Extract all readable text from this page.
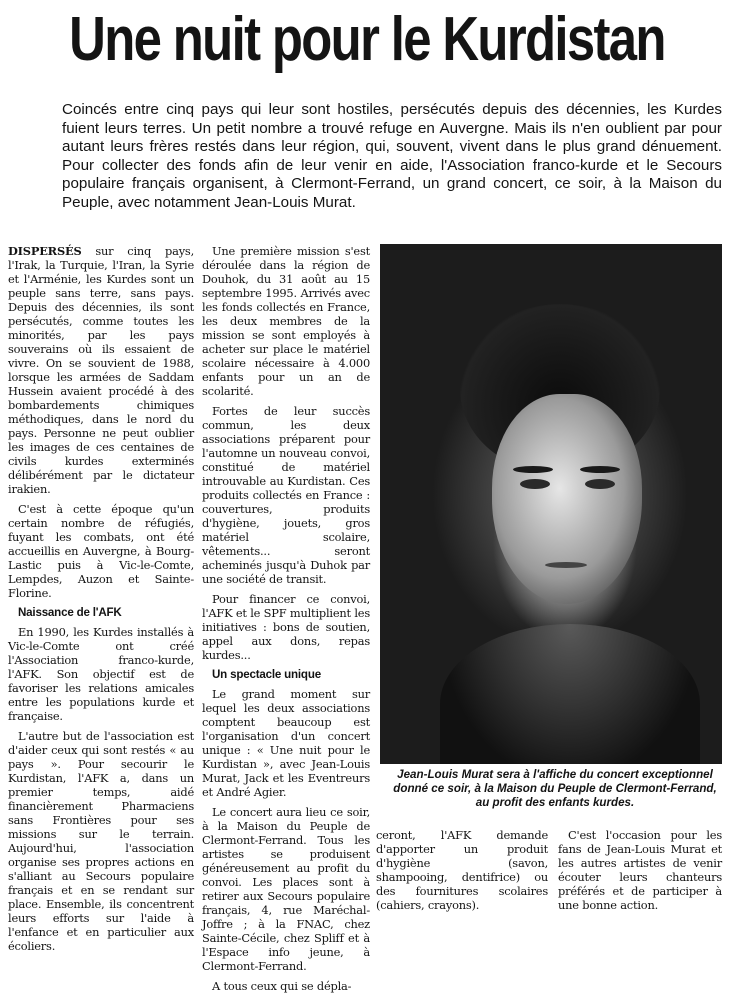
Une nuit pour le Kurdistan

Coincés entre cinq pays qui leur sont hostiles, persécutés depuis des décennies, les Kurdes fuient leurs terres. Un petit nombre a trouvé refuge en Auvergne. Mais ils n'en oublient par pour autant leurs frères restés dans leur région, qui, souvent, vivent dans le plus grand dénuement. Pour collecter des fonds afin de leur venir en aide, l'Association franco-kurde et le Secours populaire français organisent, à Clermont-Ferrand, un grand concert, ce soir, à la Maison du Peuple, avec notamment Jean-Louis Murat.

DISPERSÉS sur cinq pays, l'Irak, la Turquie, l'Iran, la Syrie et l'Arménie, les Kurdes sont un peuple sans terre, sans pays. Depuis des décennies, ils sont persécutés, comme toutes les minorités, par les pays souverains où ils essaient de vivre. On se souvient de 1988, lorsque les armées de Saddam Hussein avaient procédé à des bombardements chimiques méthodiques, dans le nord du pays. Personne ne peut oublier les images de ces centaines de civils kurdes exterminés délibérément par le dictateur irakien.

C'est à cette époque qu'un certain nombre de réfugiés, fuyant les combats, ont été accueillis en Auvergne, à Bourg-Lastic puis à Vic-le-Comte, Lempdes, Auzon et Sainte-Florine.

Naissance de l'AFK

En 1990, les Kurdes installés à Vic-le-Comte ont créé l'Association franco-kurde, l'AFK. Son objectif est de favoriser les relations amicales entre les populations kurde et française.

L'autre but de l'association est d'aider ceux qui sont restés « au pays ». Pour secourir le Kurdistan, l'AFK a, dans un premier temps, aidé financièrement Pharmaciens sans Frontières pour ses missions sur le terrain. Aujourd'hui, l'association organise ses propres actions en s'alliant au Secours populaire français et en se rendant sur place. Ensemble, ils concentrent leurs efforts sur l'aide à l'enfance et en particulier aux écoliers.

Une première mission s'est déroulée dans la région de Douhok, du 31 août au 15 septembre 1995. Arrivés avec les fonds collectés en France, les deux membres de la mission se sont employés à acheter sur place le matériel scolaire nécessaire à 4.000 enfants pour un an de scolarité.

Fortes de leur succès commun, les deux associations préparent pour l'automne un nouveau convoi, constitué de matériel introuvable au Kurdistan. Ces produits collectés en France : couvertures, produits d'hygiène, jouets, gros matériel scolaire, vêtements... seront acheminés jusqu'à Duhok par une société de transit.

Pour financer ce convoi, l'AFK et le SPF multiplient les initiatives : bons de soutien, appel aux dons, repas kurdes...

Un spectacle unique

Le grand moment sur lequel les deux associations comptent beaucoup est l'organisation d'un concert unique : « Une nuit pour le Kurdistan », avec Jean-Louis Murat, Jack et les Eventreurs et André Agier.

Le concert aura lieu ce soir, à la Maison du Peuple de Clermont-Ferrand. Tous les artistes se produisent généreusement au profit du convoi. Les places sont à retirer aux Secours populaire français, 4, rue Maréchal-Joffre ; à la FNAC, chez Sainte-Cécile, chez Spliff et à l'Espace info jeune, à Clermont-Ferrand.

A tous ceux qui se dépla-

Jean-Louis Murat sera à l'affiche du concert exceptionnel donné ce soir, à la Maison du Peuple de Clermont-Ferrand, au profit des enfants kurdes.

ceront, l'AFK demande d'apporter un produit d'hygiène (savon, shampooing, dentifrice) ou des fournitures scolaires (cahiers, crayons).

C'est l'occasion pour les fans de Jean-Louis Murat et les autres artistes de venir écouter leurs chanteurs préférés et de participer à une bonne action.
